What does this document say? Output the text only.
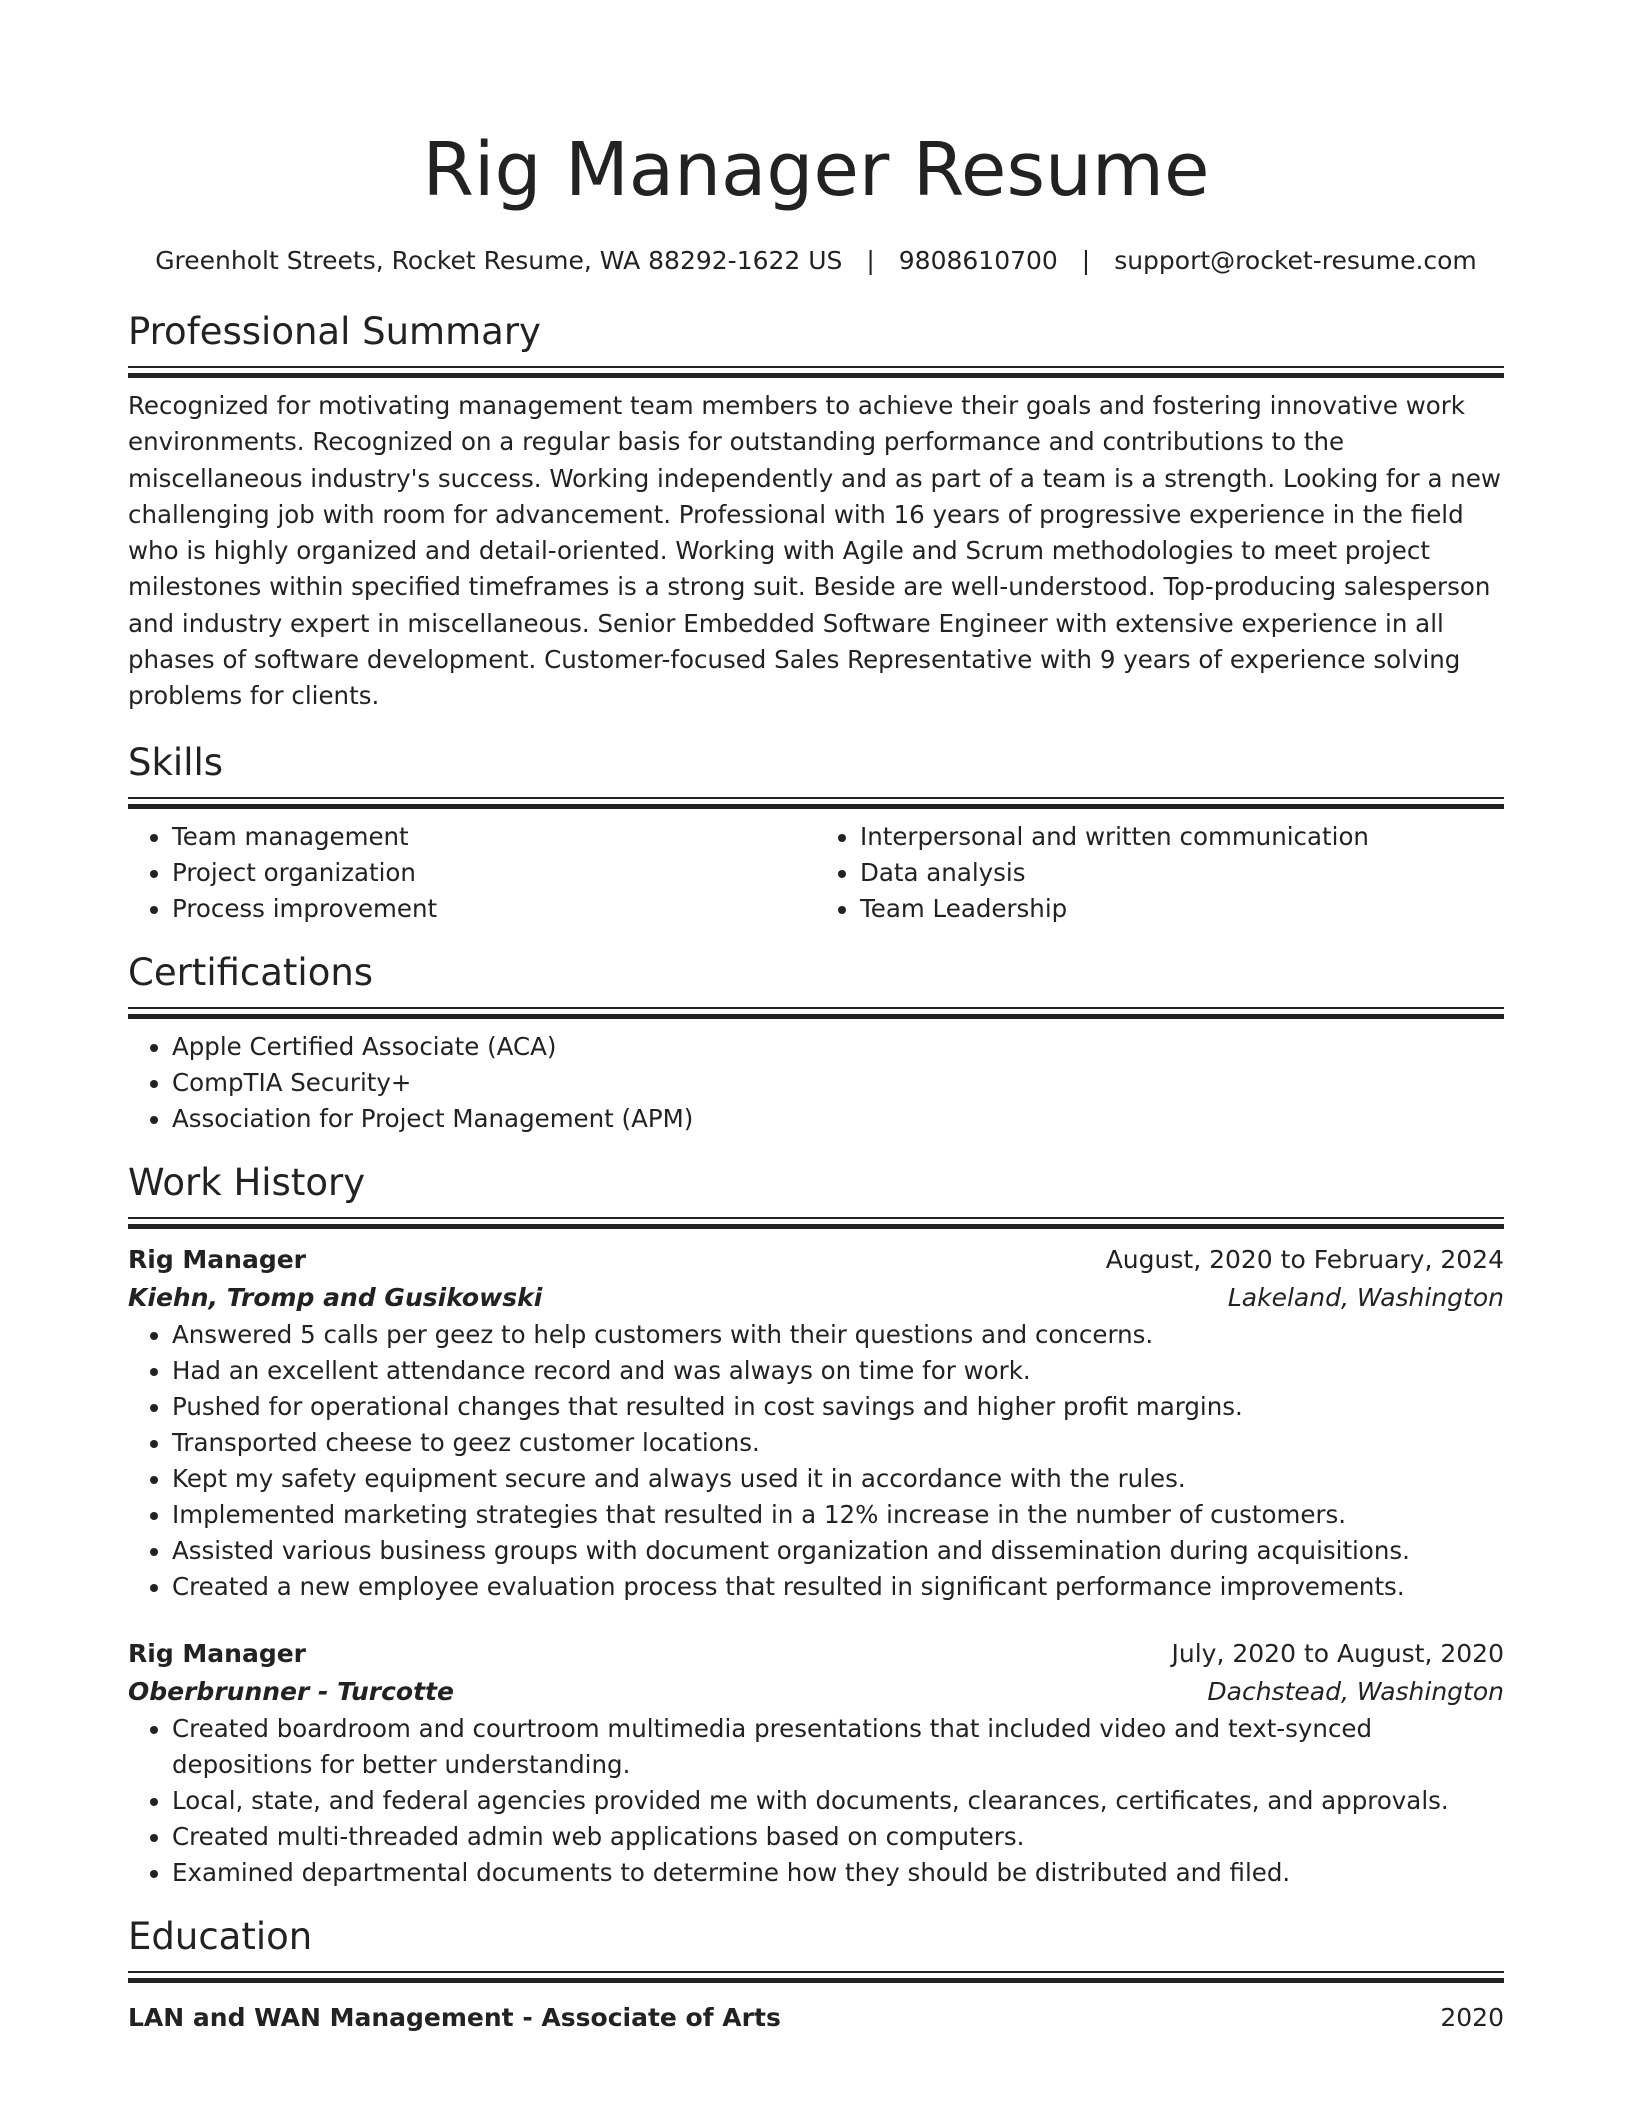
Rig Manager Resume
Greenholt Streets, Rocket Resume, WA 88292-1622 US | 9808610700 | support@rocket-resume.com
Professional Summary

Recognized for motivating management team members to achieve their goals and fostering innovative work environments. Recognized on a regular basis for outstanding performance and contributions to the miscellaneous industry's success. Working independently and as part of a team is a strength. Looking for a new challenging job with room for advancement. Professional with 16 years of progressive experience in the field who is highly organized and detail-oriented. Working with Agile and Scrum methodologies to meet project milestones within specified timeframes is a strong suit. Beside are well-understood. Top-producing salesperson and industry expert in miscellaneous. Senior Embedded Software Engineer with extensive experience in all phases of software development. Customer-focused Sales Representative with 9 years of experience solving problems for clients.

Skills
• Team management
• Project organization
• Process improvement
• Interpersonal and written communication
• Data analysis
• Team Leadership
Certifications
• Apple Certified Associate (ACA)
• CompTIA Security+
• Association for Project Management (APM)
Work History
Rig Manager	August, 2020 to February, 2024
Kiehn, Tromp and Gusikowski	Lakeland, Washington
• Answered 5 calls per geez to help customers with their questions and concerns.
• Had an excellent attendance record and was always on time for work.
• Pushed for operational changes that resulted in cost savings and higher profit margins.
• Transported cheese to geez customer locations.
• Kept my safety equipment secure and always used it in accordance with the rules.
• Implemented marketing strategies that resulted in a 12% increase in the number of customers.
• Assisted various business groups with document organization and dissemination during acquisitions.
• Created a new employee evaluation process that resulted in significant performance improvements.
Rig Manager	July, 2020 to August, 2020
Oberbrunner - Turcotte	Dachstead, Washington
• Created boardroom and courtroom multimedia presentations that included video and text-synced depositions for better understanding.
• Local, state, and federal agencies provided me with documents, clearances, certificates, and approvals.
• Created multi-threaded admin web applications based on computers.
• Examined departmental documents to determine how they should be distributed and filed.
Education
LAN and WAN Management - Associate of Arts	2020
